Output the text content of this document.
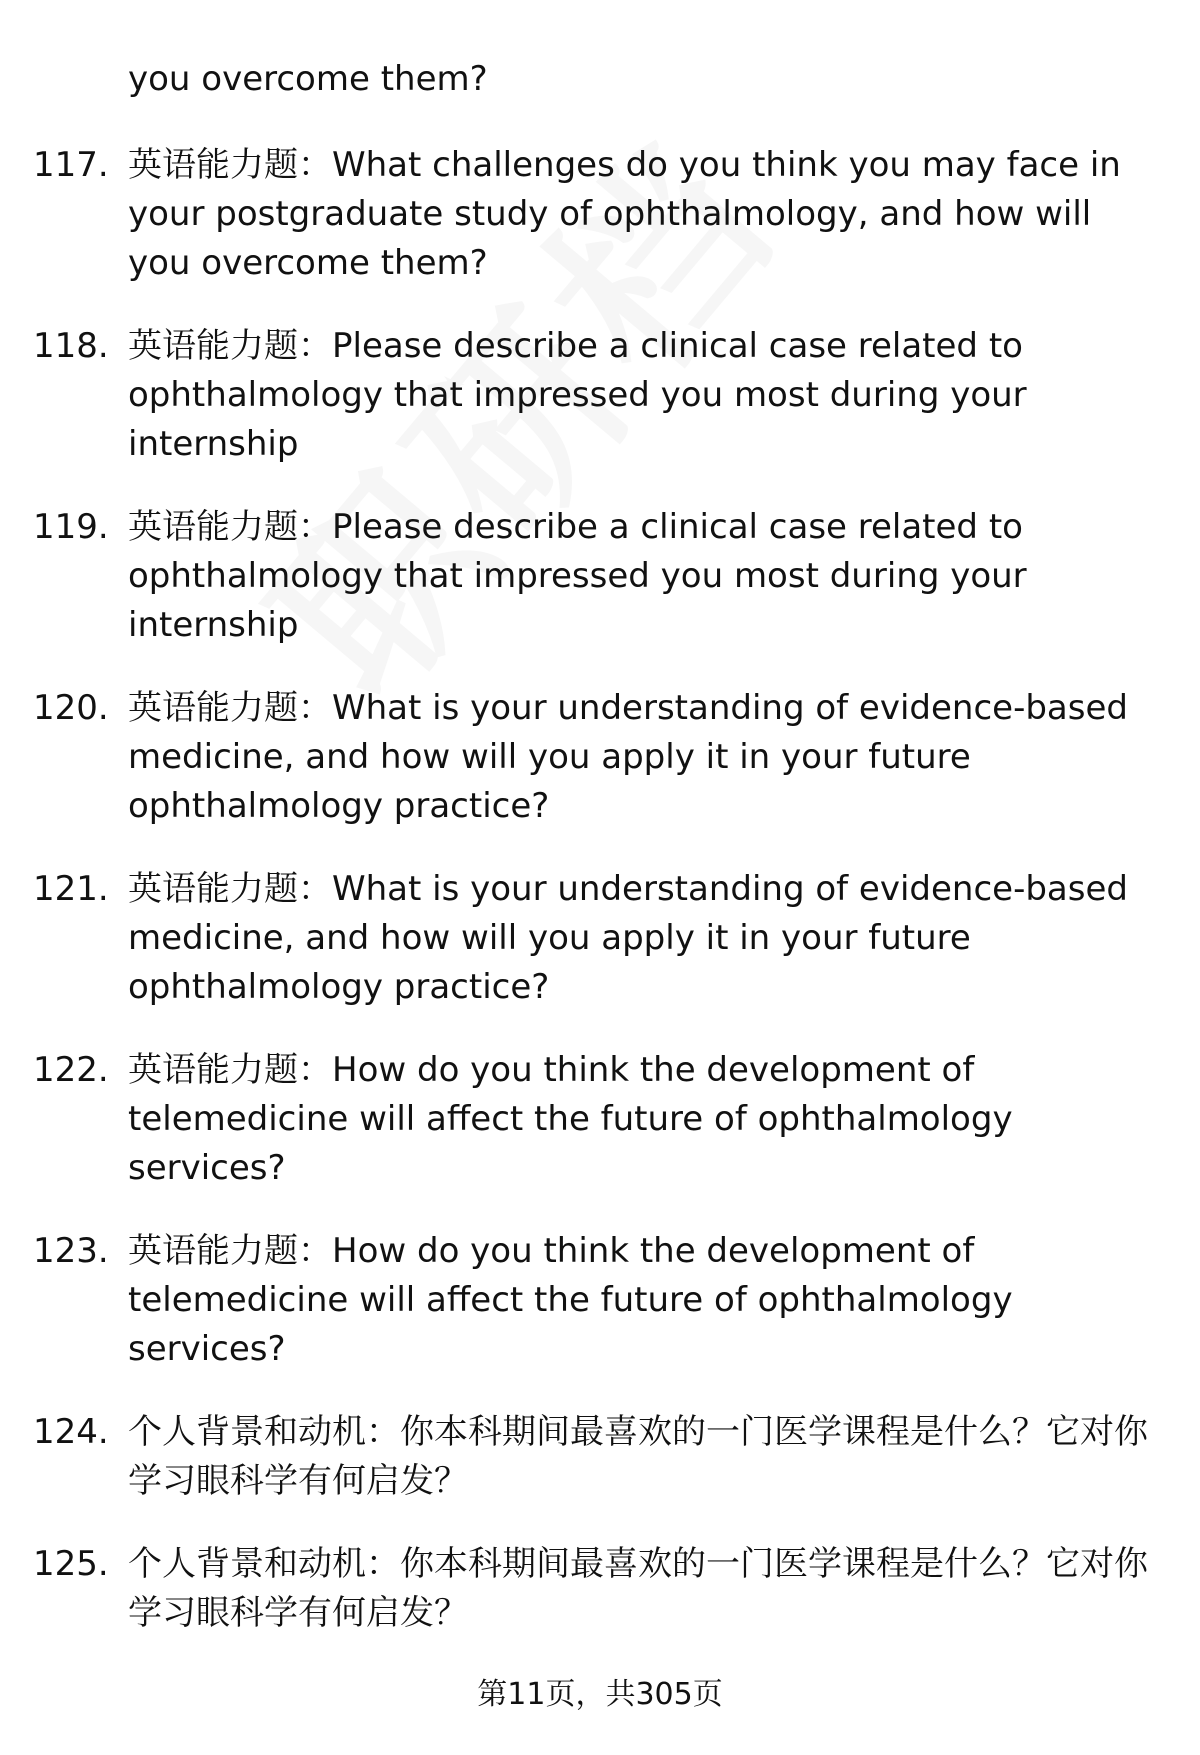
you overcome them?
117. 英语能力题：What challenges do you think you may face in your postgraduate study of ophthalmology, and how will you overcome them?
118. 英语能力题：Please describe a clinical case related to ophthalmology that impressed you most during your internship
119. 英语能力题：Please describe a clinical case related to ophthalmology that impressed you most during your internship
120. 英语能力题：What is your understanding of evidence-based medicine, and how will you apply it in your future ophthalmology practice?
121. 英语能力题：What is your understanding of evidence-based medicine, and how will you apply it in your future ophthalmology practice?
122. 英语能力题：How do you think the development of telemedicine will affect the future of ophthalmology services?
123. 英语能力题：How do you think the development of telemedicine will affect the future of ophthalmology services?
124. 个人背景和动机：你本科期间最喜欢的一门医学课程是什么？它对你学习眼科学有何启发？
125. 个人背景和动机：你本科期间最喜欢的一门医学课程是什么？它对你学习眼科学有何启发？
第11页，共305页
